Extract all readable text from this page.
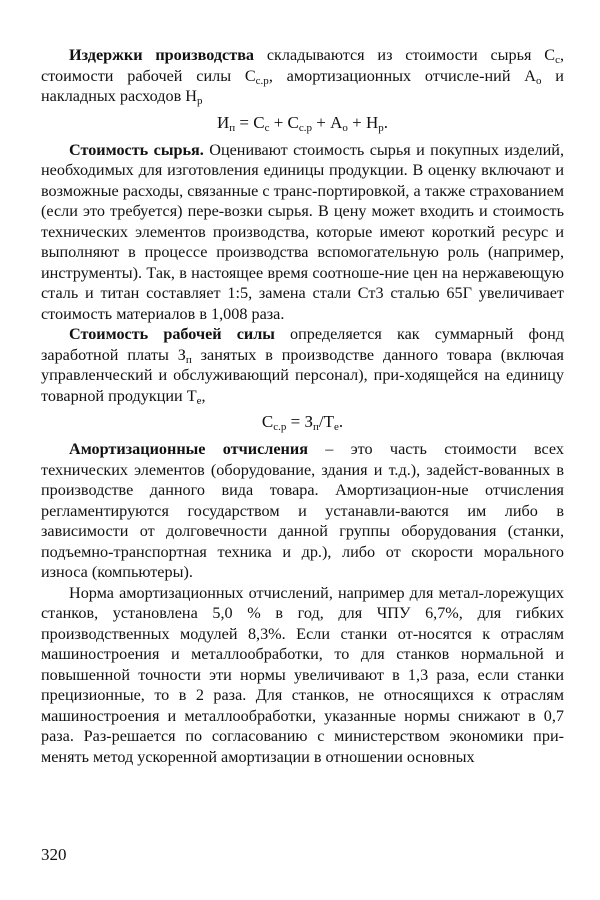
Издержки производства складываются из стоимости сырья $С_с$, стоимости рабочей силы $С_{с.р}$, амортизационных отчисле-ний $А_о$ и накладных расходов $Н_р$

$И_п = С_с + С_{с.р} + А_о + Н_р$.

Стоимость сырья. Оценивают стоимость сырья и покупных изделий, необходимых для изготовления единицы продукции. В оценку включают и возможные расходы, связанные с транс-портировкой, а также страхованием (если это требуется) пере-возки сырья. В цену может входить и стоимость технических элементов производства, которые имеют короткий ресурс и выполняют в процессе производства вспомогательную роль (например, инструменты). Так, в настоящее время соотноше-ние цен на нержавеющую сталь и титан составляет 1:5, замена стали Ст3 сталью 65Г увеличивает стоимость материалов в 1,008 раза.

Стоимость рабочей силы определяется как суммарный фонд заработной платы $З_п$ занятых в производстве данного товара (включая управленческий и обслуживающий персонал), при-ходящейся на единицу товарной продукции $Т_е$,

$С_{с.р} = З_п/Т_е$.

Амортизационные отчисления – это часть стоимости всех технических элементов (оборудование, здания и т.д.), задейст-вованных в производстве данного вида товара. Амортизацион-ные отчисления регламентируются государством и устанавли-ваются им либо в зависимости от долговечности данной группы оборудования (станки, подъемно-транспортная техника и др.), либо от скорости морального износа (компьютеры).

Норма амортизационных отчислений, например для метал-лорежущих станков, установлена 5,0 % в год, для ЧПУ 6,7%, для гибких производственных модулей 8,3%. Если станки от-носятся к отраслям машиностроения и металлообработки, то для станков нормальной и повышенной точности эти нормы увеличивают в 1,3 раза, если станки прецизионные, то в 2 раза. Для станков, не относящихся к отраслям машиностроения и металлообработки, указанные нормы снижают в 0,7 раза. Раз-решается по согласованию с министерством экономики при-менять метод ускоренной амортизации в отношении основных

320
